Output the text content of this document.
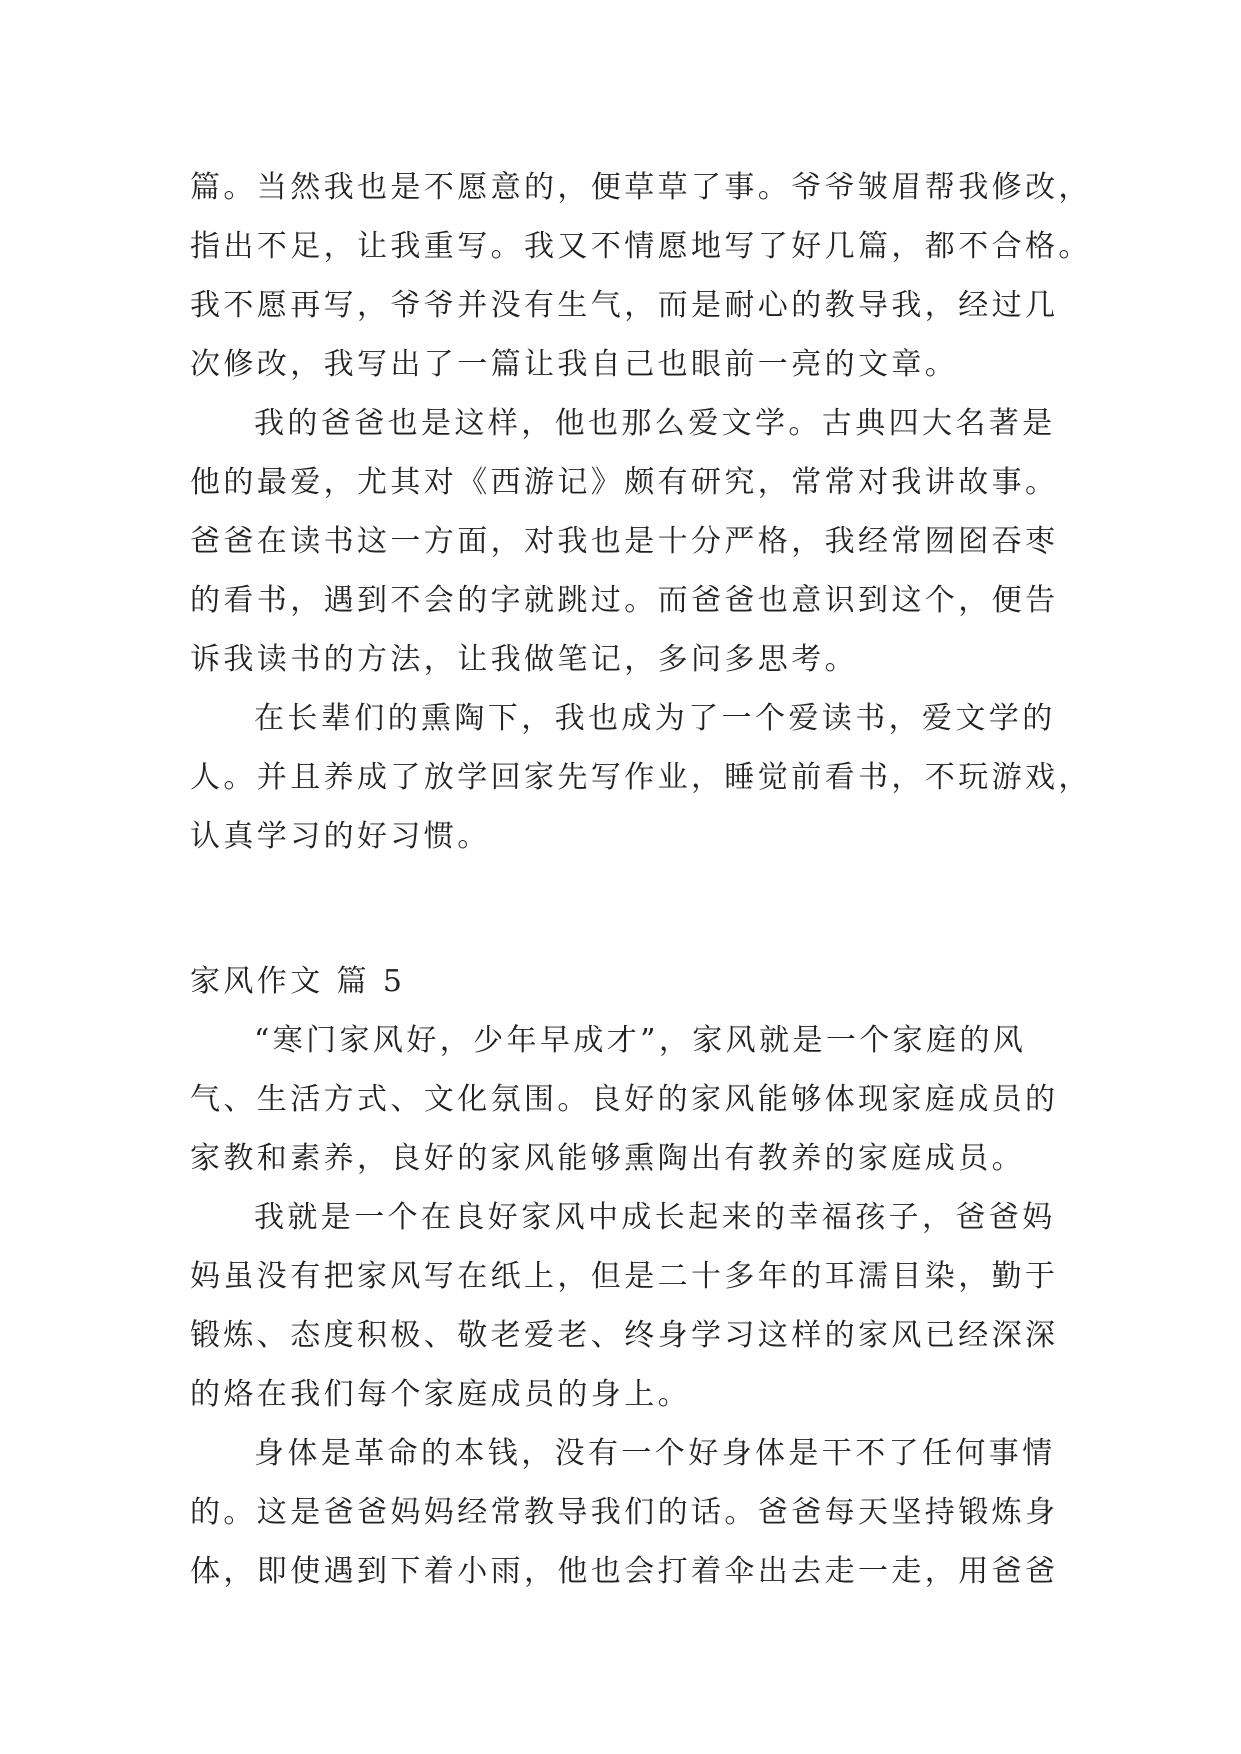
篇。当然我也是不愿意的，便草草了事。爷爷皱眉帮我修改，
指出不足，让我重写。我又不情愿地写了好几篇，都不合格。
我不愿再写，爷爷并没有生气，而是耐心的教导我，经过几
次修改，我写出了一篇让我自己也眼前一亮的文章。
我的爸爸也是这样，他也那么爱文学。古典四大名著是
他的最爱，尤其对《西游记》颇有研究，常常对我讲故事。
爸爸在读书这一方面，对我也是十分严格，我经常囫囵吞枣
的看书，遇到不会的字就跳过。而爸爸也意识到这个，便告
诉我读书的方法，让我做笔记，多问多思考。
在长辈们的熏陶下，我也成为了一个爱读书，爱文学的
人。并且养成了放学回家先写作业，睡觉前看书，不玩游戏，
认真学习的好习惯。
家风作文 篇 5
“寒门家风好，少年早成才”，家风就是一个家庭的风
气、生活方式、文化氛围。良好的家风能够体现家庭成员的
家教和素养，良好的家风能够熏陶出有教养的家庭成员。
我就是一个在良好家风中成长起来的幸福孩子，爸爸妈
妈虽没有把家风写在纸上，但是二十多年的耳濡目染，勤于
锻炼、态度积极、敬老爱老、终身学习这样的家风已经深深
的烙在我们每个家庭成员的身上。
身体是革命的本钱，没有一个好身体是干不了任何事情
的。这是爸爸妈妈经常教导我们的话。爸爸每天坚持锻炼身
体，即使遇到下着小雨，他也会打着伞出去走一走，用爸爸
